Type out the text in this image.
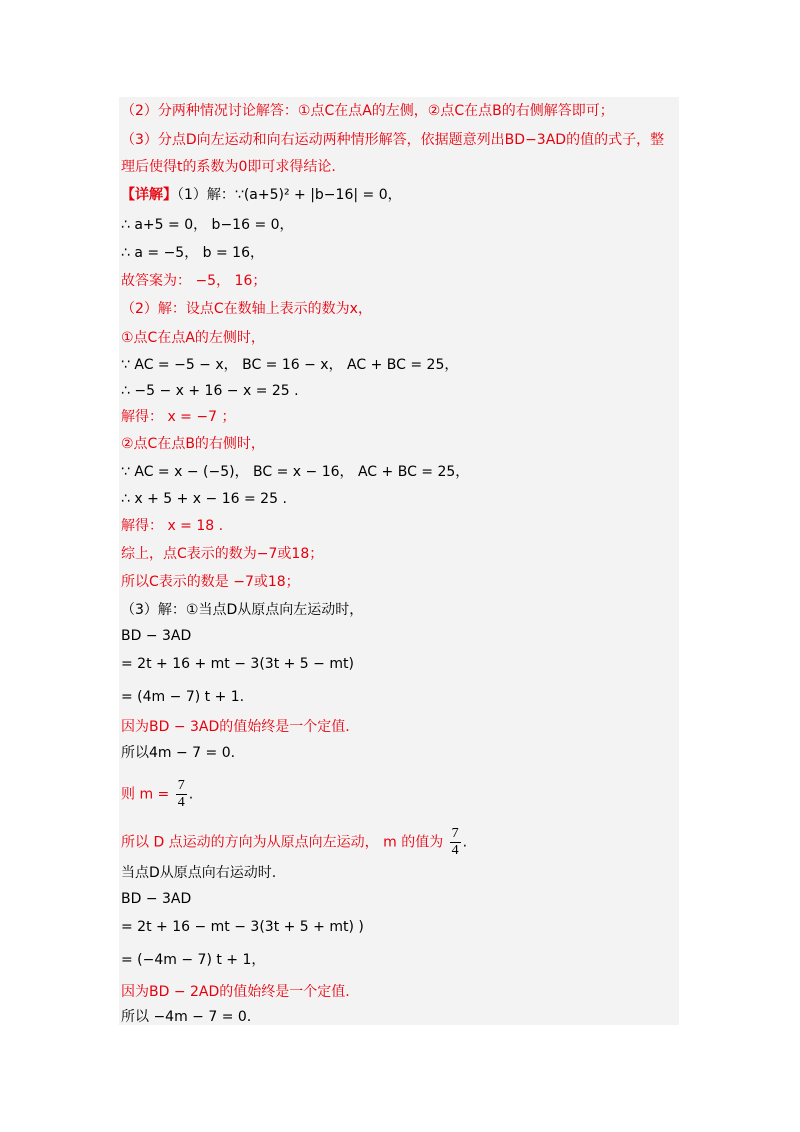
（2）分两种情况讨论解答：①点C在点A的左侧，②点C在点B的右侧解答即可；
（3）分点D向左运动和向右运动两种情形解答，依据题意列出BD−3AD的值的式子，整
理后使得t的系数为0即可求得结论.
【详解】（1）解：∵(a+5)² + |b−16| = 0，
∴ a+5 = 0， b−16 = 0，
∴ a = −5， b = 16，
故答案为： −5， 16；
（2）解：设点C在数轴上表示的数为x，
①点C在点A的左侧时，
∵ AC = −5 − x， BC = 16 − x， AC + BC = 25，
∴ −5 − x + 16 − x = 25 .
解得： x = −7 ；
②点C在点B的右侧时，
∵ AC = x − (−5)， BC = x − 16， AC + BC = 25，
∴ x + 5 + x − 16 = 25 .
解得： x = 18 .
综上，点C表示的数为−7或18；
所以C表示的数是 −7或18；
（3）解：①当点D从原点向左运动时，
BD − 3AD
= 2t + 16 + mt − 3(3t + 5 − mt)
= (4m − 7) t + 1.
因为BD − 3AD的值始终是一个定值.
所以4m − 7 = 0.
则 $m = \frac{7}{4}$ .
所以 D 点运动的方向为从原点向左运动， m 的值为 $\frac{7}{4}$ .
当点D从原点向右运动时.
BD − 3AD
= 2t + 16 − mt − 3(3t + 5 + mt) )
= (−4m − 7) t + 1，
因为BD − 2AD的值始终是一个定值.
所以 −4m − 7 = 0.
